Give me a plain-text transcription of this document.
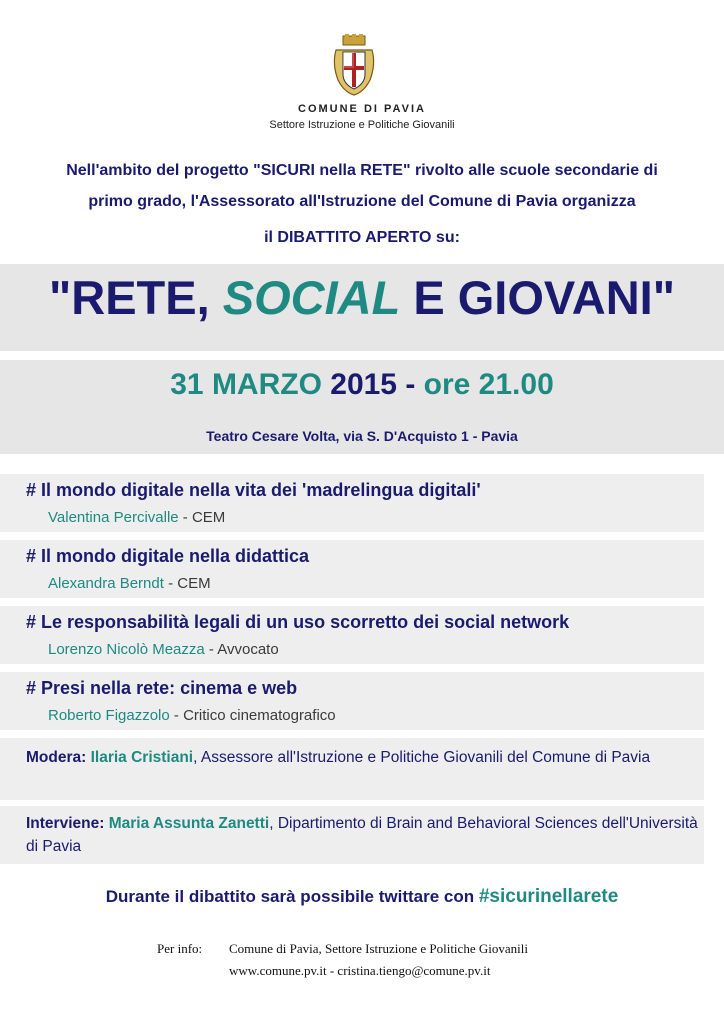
COMUNE DI PAVIA
Settore Istruzione e Politiche Giovanili
Nell'ambito del progetto "SICURI nella RETE" rivolto alle scuole secondarie di
primo grado, l'Assessorato all'Istruzione del Comune di Pavia organizza
il DIBATTITO APERTO su:
"RETE, SOCIAL E GIOVANI"
31 MARZO 2015 - ore 21.00
Teatro Cesare Volta, via S. D'Acquisto 1 - Pavia
# Il mondo digitale nella vita dei 'madrelingua digitali'
Valentina Percivalle - CEM
# Il mondo digitale nella didattica
Alexandra Berndt - CEM
# Le responsabilità legali di un uso scorretto dei social network
Lorenzo Nicolò Meazza - Avvocato
# Presi nella rete: cinema e web
Roberto Figazzolo - Critico cinematografico
Modera: Ilaria Cristiani, Assessore all'Istruzione e Politiche Giovanili del Comune di Pavia
Interviene: Maria Assunta Zanetti, Dipartimento di Brain and Behavioral Sciences dell'Università di Pavia
Durante il dibattito sarà possibile twittare con #sicurinellarete
Per info: Comune di Pavia, Settore Istruzione e Politiche Giovanili
www.comune.pv.it - cristina.tiengo@comune.pv.it
